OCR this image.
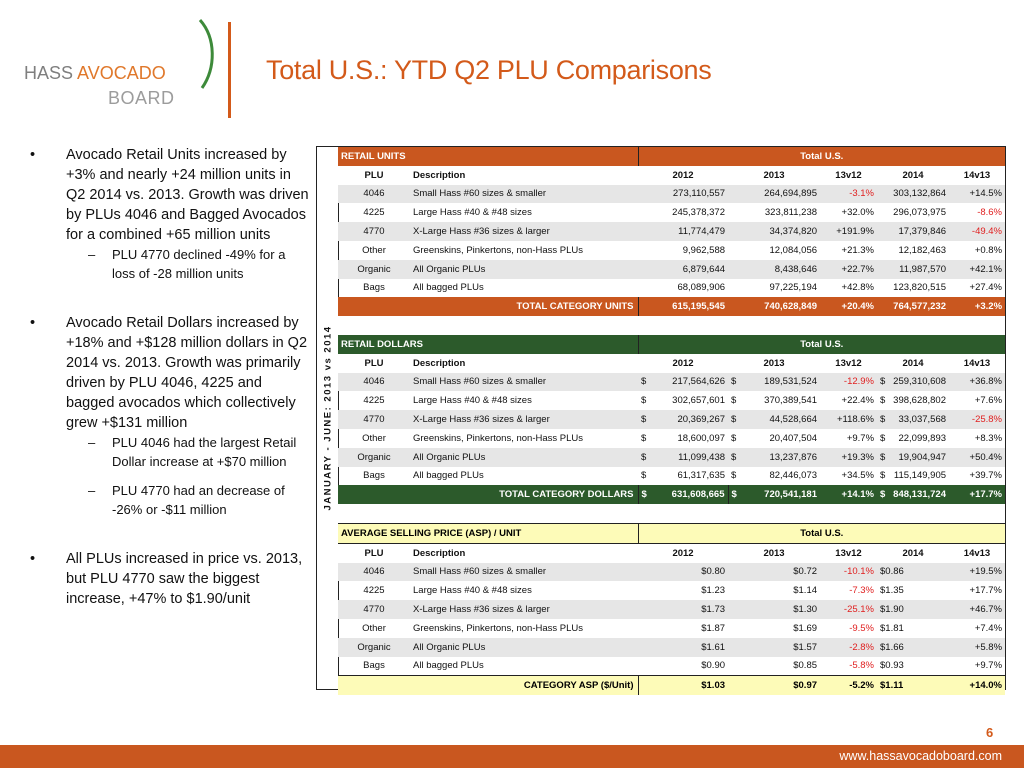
HASS AVOCADO
BOARD
Total U.S.: YTD Q2 PLU Comparisons

• Avocado Retail Units increased by +3% and nearly +24 million units in Q2 2014 vs. 2013. Growth was driven by PLUs 4046 and Bagged Avocados for a combined +65 million units

– PLU 4770 declined -49% for a loss of -28 million units

• Avocado Retail Dollars increased by +18% and +$128 million dollars in Q2 2014 vs. 2013. Growth was primarily driven by PLU 4046, 4225 and bagged avocados which collectively grew +$131 million

– PLU 4046 had the largest Retail Dollar increase at +$70 million

– PLU 4770 had an decrease of -26% or -$11 million

• All PLUs increased in price vs. 2013, but PLU 4770 saw the biggest increase, +47% to $1.90/unit

JANUARY - JUNE: 2013 vs 2014
RETAIL UNITS		Total U.S.				
PLU	Description	2012	2013	13v12	2014	14v13
4046	Small Hass #60 sizes & smaller	273,110,557	264,694,895	-3.1%	303,132,864	+14.5%
4225	Large Hass #40 & #48 sizes	245,378,372	323,811,238	+32.0%	296,073,975	-8.6%
4770	X-Large Hass #36 sizes & larger	11,774,479	34,374,820	+191.9%	17,379,846	-49.4%
Other	Greenskins, Pinkertons, non-Hass PLUs	9,962,588	12,084,056	+21.3%	12,182,463	+0.8%
Organic	All Organic PLUs	6,879,644	8,438,646	+22.7%	11,987,570	+42.1%
Bags	All bagged PLUs	68,089,906	97,225,194	+42.8%	123,820,515	+27.4%
TOTAL CATEGORY UNITS		615,195,545	740,628,849	+20.4%	764,577,232	+3.2%

RETAIL DOLLARS		Total U.S.				
PLU	Description	2012	2013	13v12	2014	14v13
4046	Small Hass #60 sizes & smaller	$ 217,564,626	$ 189,531,524	-12.9%	$ 259,310,608	+36.8%
4225	Large Hass #40 & #48 sizes	$ 302,657,601	$ 370,389,541	+22.4%	$ 398,628,802	+7.6%
4770	X-Large Hass #36 sizes & larger	$ 20,369,267	$ 44,528,664	+118.6%	$ 33,037,568	-25.8%
Other	Greenskins, Pinkertons, non-Hass PLUs	$ 18,600,097	$ 20,407,504	+9.7%	$ 22,099,893	+8.3%
Organic	All Organic PLUs	$ 11,099,438	$ 13,237,876	+19.3%	$ 19,904,947	+50.4%
Bags	All bagged PLUs	$ 61,317,635	$ 82,446,073	+34.5%	$ 115,149,905	+39.7%
TOTAL CATEGORY DOLLARS		$ 631,608,665	$ 720,541,181	+14.1%	$ 848,131,724	+17.7%

AVERAGE SELLING PRICE (ASP) / UNIT		Total U.S.				
PLU	Description	2012	2013	13v12	2014	14v13
4046	Small Hass #60 sizes & smaller	$0.80	$0.72	-10.1%	$0.86	+19.5%
4225	Large Hass #40 & #48 sizes	$1.23	$1.14	-7.3%	$1.35	+17.7%
4770	X-Large Hass #36 sizes & larger	$1.73	$1.30	-25.1%	$1.90	+46.7%
Other	Greenskins, Pinkertons, non-Hass PLUs	$1.87	$1.69	-9.5%	$1.81	+7.4%
Organic	All Organic PLUs	$1.61	$1.57	-2.8%	$1.66	+5.8%
Bags	All bagged PLUs	$0.90	$0.85	-5.8%	$0.93	+9.7%
CATEGORY ASP ($/Unit)		$1.03	$0.97	-5.2%	$1.11	+14.0%
6
www.hassavocadoboard.com
